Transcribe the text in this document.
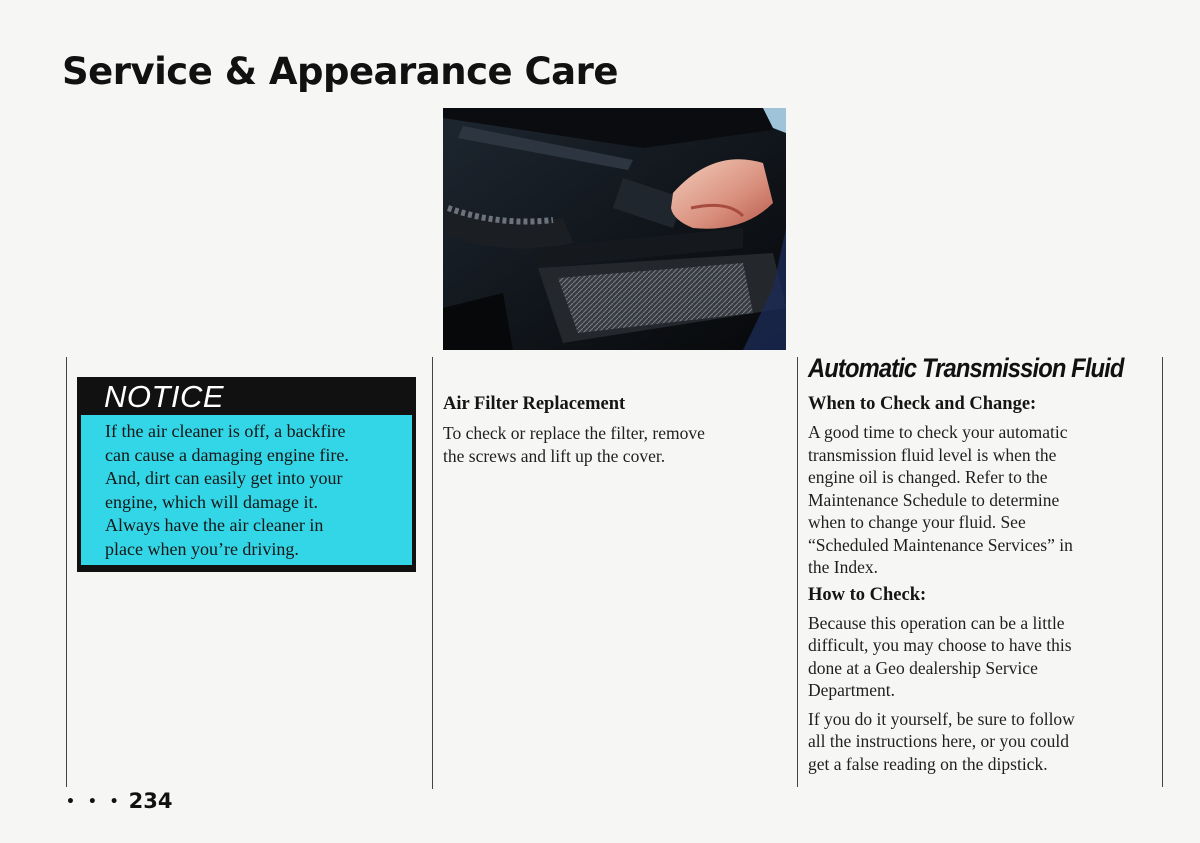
Service & Appearance Care
NOTICE
If the air cleaner is off, a backfire
can cause a damaging engine fire.
And, dirt can easily get into your
engine, which will damage it.
Always have the air cleaner in
place when you’re driving.
Air Filter Replacement
To check or replace the filter, remove
the screws and lift up the cover.
Automatic Transmission Fluid
When to Check and Change:
A good time to check your automatic
transmission fluid level is when the
engine oil is changed. Refer to the
Maintenance Schedule to determine
when to change your fluid. See
“Scheduled Maintenance Services” in
the Index.
How to Check:
Because this operation can be a little
difficult, you may choose to have this
done at a Geo dealership Service
Department.
If you do it yourself, be sure to follow
all the instructions here, or you could
get a false reading on the dipstick.
• • • 234
